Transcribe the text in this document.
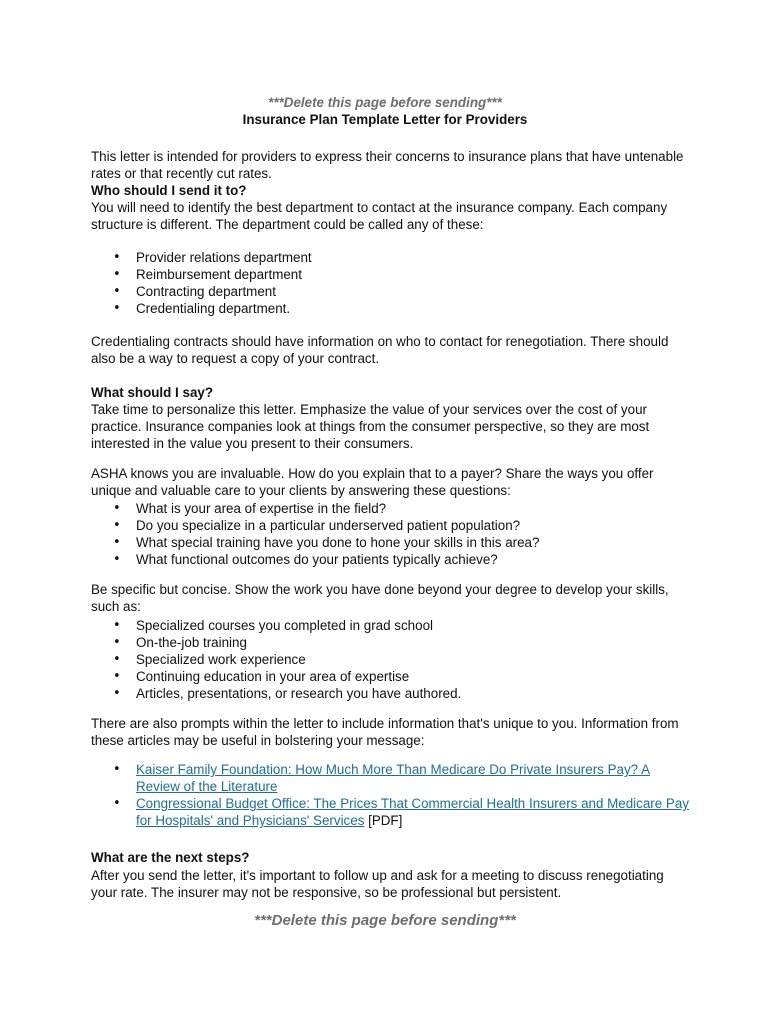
***Delete this page before sending***
Insurance Plan Template Letter for Providers

This letter is intended for providers to express their concerns to insurance plans that have untenable rates or that recently cut rates.

Who should I send it to?

You will need to identify the best department to contact at the insurance company. Each company structure is different. The department could be called any of these:

• Provider relations department
• Reimbursement department
• Contracting department
• Credentialing department.

Credentialing contracts should have information on who to contact for renegotiation. There should also be a way to request a copy of your contract.

What should I say?

Take time to personalize this letter. Emphasize the value of your services over the cost of your practice. Insurance companies look at things from the consumer perspective, so they are most interested in the value you present to their consumers.

ASHA knows you are invaluable. How do you explain that to a payer? Share the ways you offer unique and valuable care to your clients by answering these questions:

• What is your area of expertise in the field?
• Do you specialize in a particular underserved patient population?
• What special training have you done to hone your skills in this area?
• What functional outcomes do your patients typically achieve?

Be specific but concise. Show the work you have done beyond your degree to develop your skills, such as:

• Specialized courses you completed in grad school
• On-the-job training
• Specialized work experience
• Continuing education in your area of expertise
• Articles, presentations, or research you have authored.

There are also prompts within the letter to include information that's unique to you. Information from these articles may be useful in bolstering your message:

• Kaiser Family Foundation: How Much More Than Medicare Do Private Insurers Pay? A Review of the Literature
• Congressional Budget Office: The Prices That Commercial Health Insurers and Medicare Pay for Hospitals' and Physicians' Services [PDF]

What are the next steps?

After you send the letter, it's important to follow up and ask for a meeting to discuss renegotiating your rate. The insurer may not be responsive, so be professional but persistent.

***Delete this page before sending***
